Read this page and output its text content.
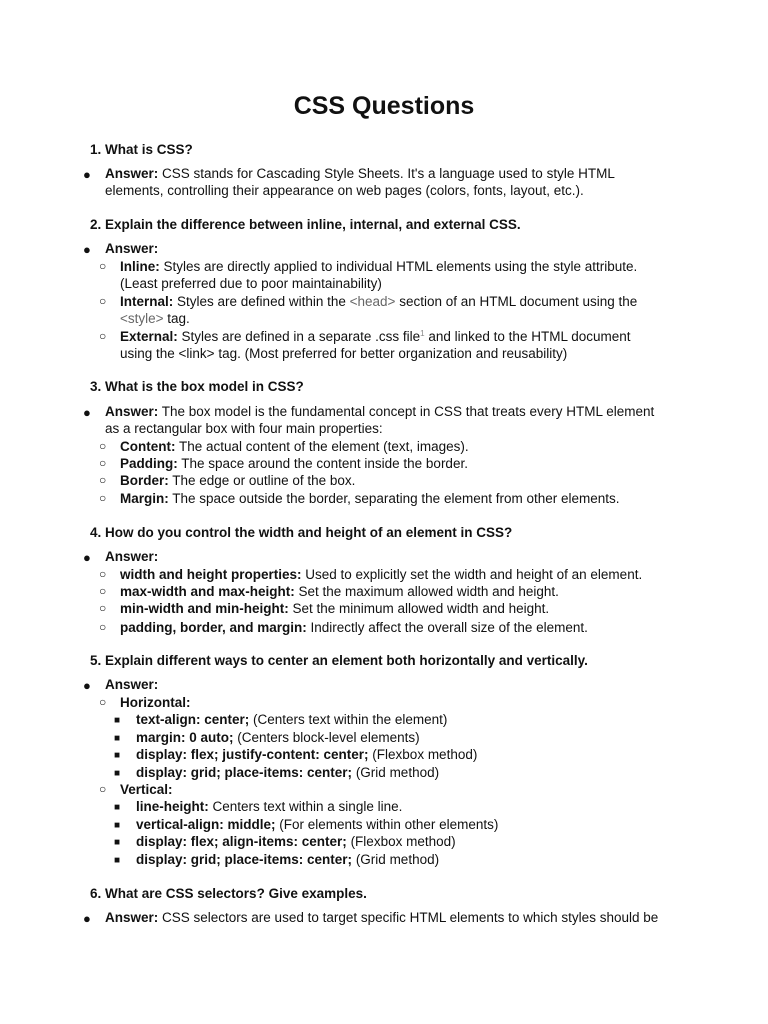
CSS Questions
1. What is CSS?
● Answer: CSS stands for Cascading Style Sheets. It's a language used to style HTML
elements, controlling their appearance on web pages (colors, fonts, layout, etc.).
2. Explain the difference between inline, internal, and external CSS.
● Answer:
○ Inline: Styles are directly applied to individual HTML elements using the style attribute.
(Least preferred due to poor maintainability)
○ Internal: Styles are defined within the <head> section of an HTML document using the
<style> tag.
○ External: Styles are defined in a separate .css file$^1$ and linked to the HTML document
using the <link> tag. (Most preferred for better organization and reusability)
3. What is the box model in CSS?
● Answer: The box model is the fundamental concept in CSS that treats every HTML element
as a rectangular box with four main properties:
○ Content: The actual content of the element (text, images).
○ Padding: The space around the content inside the border.
○ Border: The edge or outline of the box.
○ Margin: The space outside the border, separating the element from other elements.
4. How do you control the width and height of an element in CSS?
● Answer:
○ width and height properties: Used to explicitly set the width and height of an element.
○ max-width and max-height: Set the maximum allowed width and height.
○ min-width and min-height: Set the minimum allowed width and height.
○ padding, border, and margin: Indirectly affect the overall size of the element.
5. Explain different ways to center an element both horizontally and vertically.
● Answer:
○ Horizontal:
■ text-align: center; (Centers text within the element)
■ margin: 0 auto; (Centers block-level elements)
■ display: flex; justify-content: center; (Flexbox method)
■ display: grid; place-items: center; (Grid method)
○ Vertical:
■ line-height: Centers text within a single line.
■ vertical-align: middle; (For elements within other elements)
■ display: flex; align-items: center; (Flexbox method)
■ display: grid; place-items: center; (Grid method)
6. What are CSS selectors? Give examples.
● Answer: CSS selectors are used to target specific HTML elements to which styles should be
